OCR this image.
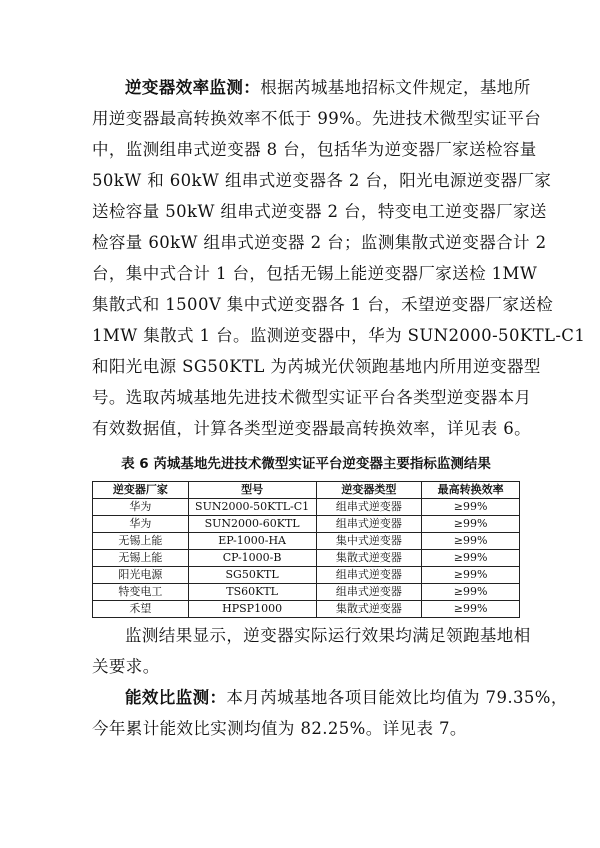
逆变器效率监测：根据芮城基地招标文件规定，基地所
用逆变器最高转换效率不低于 99%。先进技术微型实证平台
中，监测组串式逆变器 8 台，包括华为逆变器厂家送检容量
50kW 和 60kW 组串式逆变器各 2 台，阳光电源逆变器厂家
送检容量 50kW 组串式逆变器 2 台，特变电工逆变器厂家送
检容量 60kW 组串式逆变器 2 台；监测集散式逆变器合计 2
台，集中式合计 1 台，包括无锡上能逆变器厂家送检 1MW
集散式和 1500V 集中式逆变器各 1 台，禾望逆变器厂家送检
1MW 集散式 1 台。监测逆变器中，华为 SUN2000-50KTL-C1
和阳光电源 SG50KTL 为芮城光伏领跑基地内所用逆变器型
号。选取芮城基地先进技术微型实证平台各类型逆变器本月
有效数据值，计算各类型逆变器最高转换效率，详见表 6。
表 6 芮城基地先进技术微型实证平台逆变器主要指标监测结果
逆变器厂家	型号	逆变器类型	最高转换效率
华为	SUN2000-50KTL-C1	组串式逆变器	≥99%
华为	SUN2000-60KTL	组串式逆变器	≥99%
无锡上能	EP-1000-HA	集中式逆变器	≥99%
无锡上能	CP-1000-B	集散式逆变器	≥99%
阳光电源	SG50KTL	组串式逆变器	≥99%
特变电工	TS60KTL	组串式逆变器	≥99%
禾望	HPSP1000	集散式逆变器	≥99%
监测结果显示，逆变器实际运行效果均满足领跑基地相
关要求。
能效比监测：本月芮城基地各项目能效比均值为 79.35%，
今年累计能效比实测均值为 82.25%。详见表 7。
